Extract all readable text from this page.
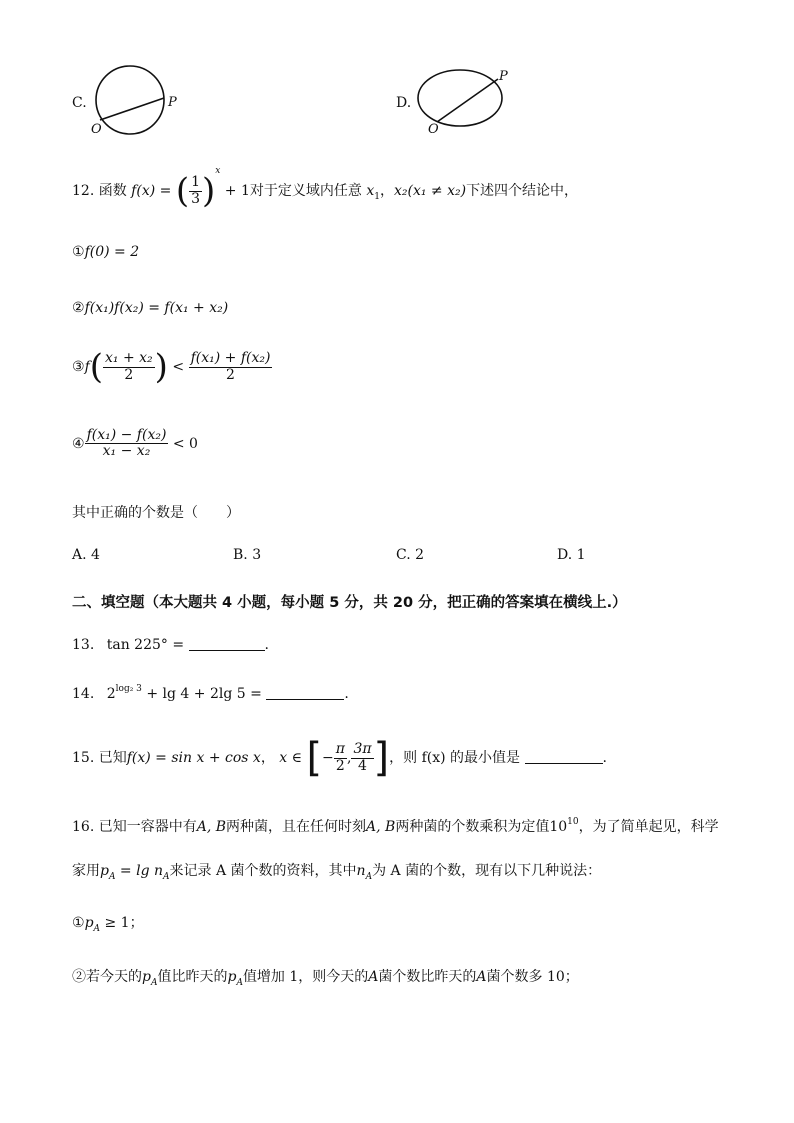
C.
O
P	D.
O
P
12. 函数 f(x) = ( $\frac{1}{3} )^x + 1$对于定义域内任意 $x_1$，x₂(x₁ ≠ x₂)下述四个结论中，
①f(0) = 2
②f(x₁)f(x₂) = f(x₁ + x₂)
③f( $\frac{\text{x₁ + x₂}}{2}$ ) < $\frac{\text{f(x₁) + f(x₂)}}{2}$
④ $\frac{\text{f(x₁) − f(x₂)}}{\text{x₁ − x₂}} < 0$
其中正确的个数是（　　）
A. 4	B. 3	C. 2	D. 1
二、填空题（本大题共 4 小题，每小题 5 分，共 20 分，把正确的答案填在横线上.）
13. tan 225° =	.
14. $2^{log_2 3} + \lg 4 + 2\lg$ 5 =	.
15. 已知f(x) = sin x + cos x， x ∈ [− $\frac{\pi}{2}$ , $\frac{3\pi}{4}$ ]，则 f(x) 的最小值是	.
16. 已知一容器中有A, B两种菌，且在任何时刻A, B两种菌的个数乘积为定值$10^{10}$，为了简单起见，科学
家用$p_A = \lg n_A$来记录 A 菌个数的资料，其中$n_A$为 A 菌的个数，现有以下几种说法：
$①p_A \ge 1$；
②若今天的$p_A$值比昨天的$p_A$值增加 1，则今天的A菌个数比昨天的A菌个数多 10；
